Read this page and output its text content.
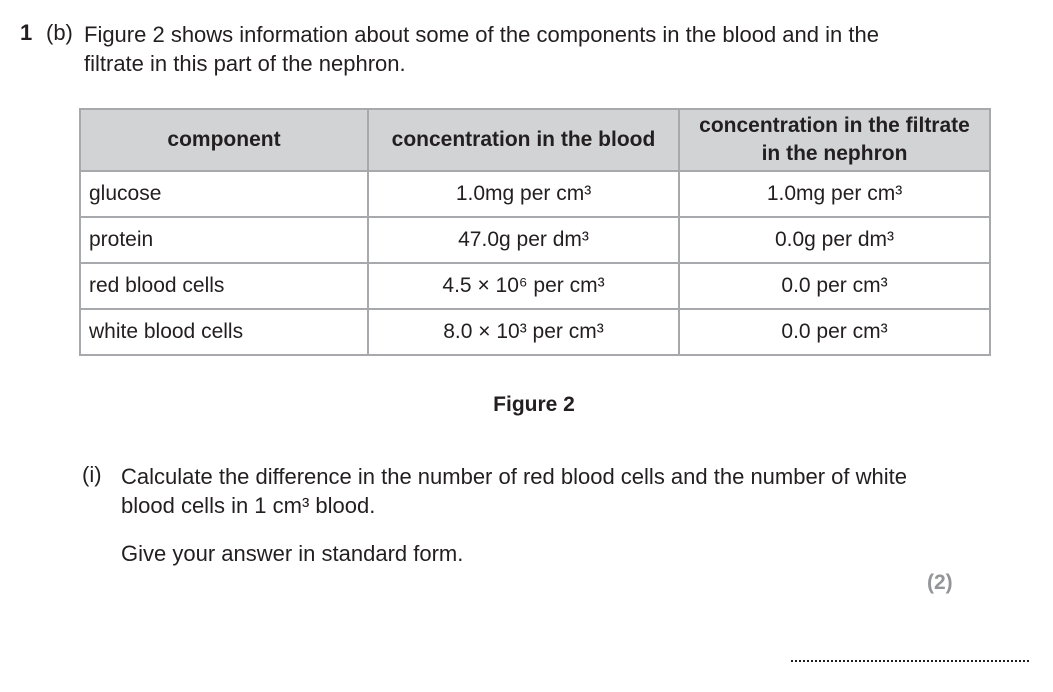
1 (b) Figure 2 shows information about some of the components in the blood and in the filtrate in this part of the nephron.
component	concentration in the blood	concentration in the filtrate in the nephron
glucose	1.0mg per cm³	1.0mg per cm³
protein	47.0g per dm³	0.0g per dm³
red blood cells	4.5 × 10⁶ per cm³	0.0 per cm³
white blood cells	8.0 × 10³ per cm³	0.0 per cm³
Figure 2
(i) Calculate the difference in the number of red blood cells and the number of white blood cells in 1 cm³ blood.
Give your answer in standard form.
(2)
